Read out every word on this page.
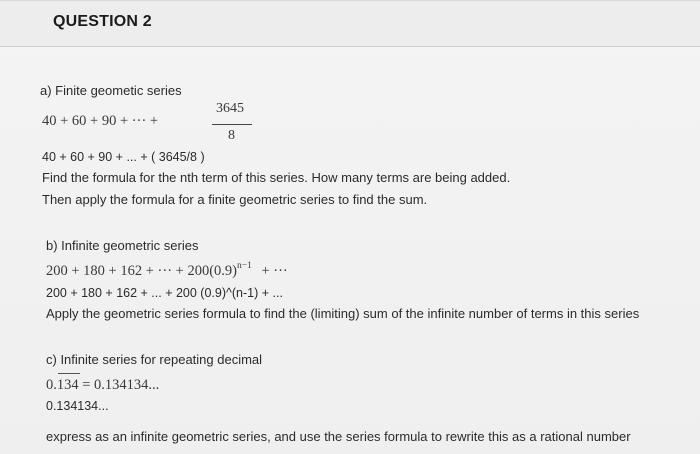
QUESTION 2
a) Finite geometic series
40 + 60 + 90 + ··· +
3645
8
40 + 60 + 90 + ... + ( 3645/8 )
Find the formula for the nth term of this series. How many terms are being added.
Then apply the formula for a finite geometric series to find the sum.
b) Infinite geometric series
200 + 180 + 162 + ··· + $200(0.9)^{n-1}$ + ···
200 + 180 + 162 + ... + 200 (0.9)^(n-1) + ...
Apply the geometric series formula to find the (limiting) sum of the infinite number of terms in this series
c) Infinite series for repeating decimal
0.134 = 0.134134...
0.134134...
express as an infinite geometric series, and use the series formula to rewrite this as a rational number
